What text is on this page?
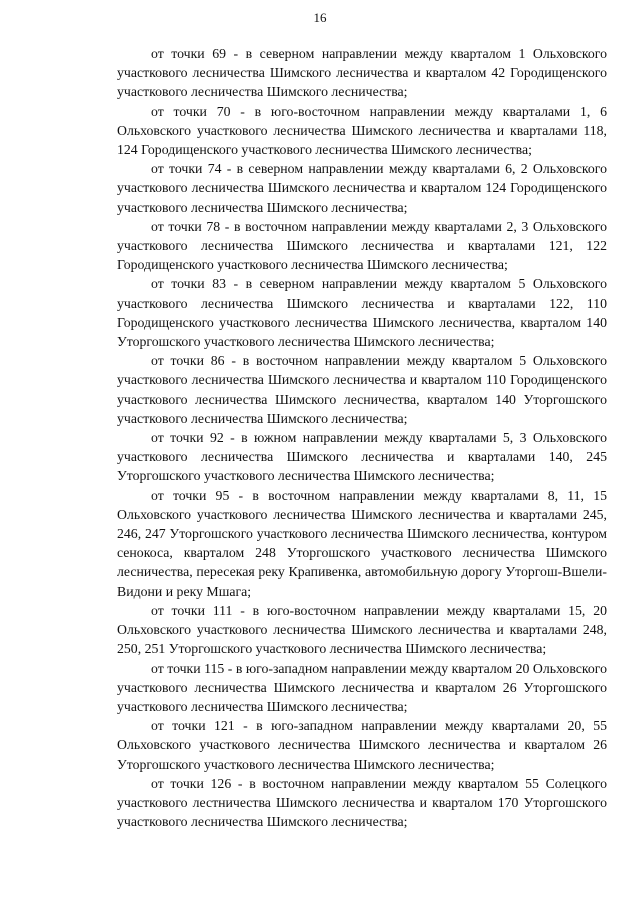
16

от точки 69 - в северном направлении между кварталом 1 Ольховского участкового лесничества Шимского лесничества и кварталом 42 Городищенского участкового лесничества Шимского лесничества;

от точки 70 - в юго-восточном направлении между кварталами 1, 6 Ольховского участкового лесничества Шимского лесничества и кварталами 118, 124 Городищенского участкового лесничества Шимского лесничества;

от точки 74 - в северном направлении между кварталами 6, 2 Ольховского участкового лесничества Шимского лесничества и кварталом 124 Городищенского участкового лесничества Шимского лесничества;

от точки 78 - в восточном направлении между кварталами 2, 3 Ольховского участкового лесничества Шимского лесничества и кварталами 121, 122 Городищенского участкового лесничества Шимского лесничества;

от точки 83 - в северном направлении между кварталом 5 Ольховского участкового лесничества Шимского лесничества и кварталами 122, 110 Городищенского участкового лесничества Шимского лесничества, кварталом 140 Уторгошского участкового лесничества Шимского лесничества;

от точки 86 - в восточном направлении между кварталом 5 Ольховского участкового лесничества Шимского лесничества и кварталом 110 Городищенского участкового лесничества Шимского лесничества, кварталом 140 Уторгошского участкового лесничества Шимского лесничества;

от точки 92 - в южном направлении между кварталами 5, 3 Ольховского участкового лесничества Шимского лесничества и кварталами 140, 245 Уторгошского участкового лесничества Шимского лесничества;

от точки 95 - в восточном направлении между кварталами 8, 11, 15 Ольховского участкового лесничества Шимского лесничества и кварталами 245, 246, 247 Уторгошского участкового лесничества Шимского лесничества, контуром сенокоса, кварталом 248 Уторгошского участкового лесничества Шимского лесничества, пересекая реку Крапивенка, автомобильную дорогу Уторгош-Вшели-Видони и реку Мшага;

от точки 111 - в юго-восточном направлении между кварталами 15, 20 Ольховского участкового лесничества Шимского лесничества и кварталами 248, 250, 251 Уторгошского участкового лесничества Шимского лесничества;

от точки 115 - в юго-западном направлении между кварталом 20 Ольховского участкового лесничества Шимского лесничества и кварталом 26 Уторгошского участкового лесничества Шимского лесничества;

от точки 121 - в юго-западном направлении между кварталами 20, 55 Ольховского участкового лесничества Шимского лесничества и кварталом 26 Уторгошского участкового лесничества Шимского лесничества;

от точки 126 - в восточном направлении между кварталом 55 Солецкого участкового лестничества Шимского лесничества и кварталом 170 Уторгошского участкового лесничества Шимского лесничества;
